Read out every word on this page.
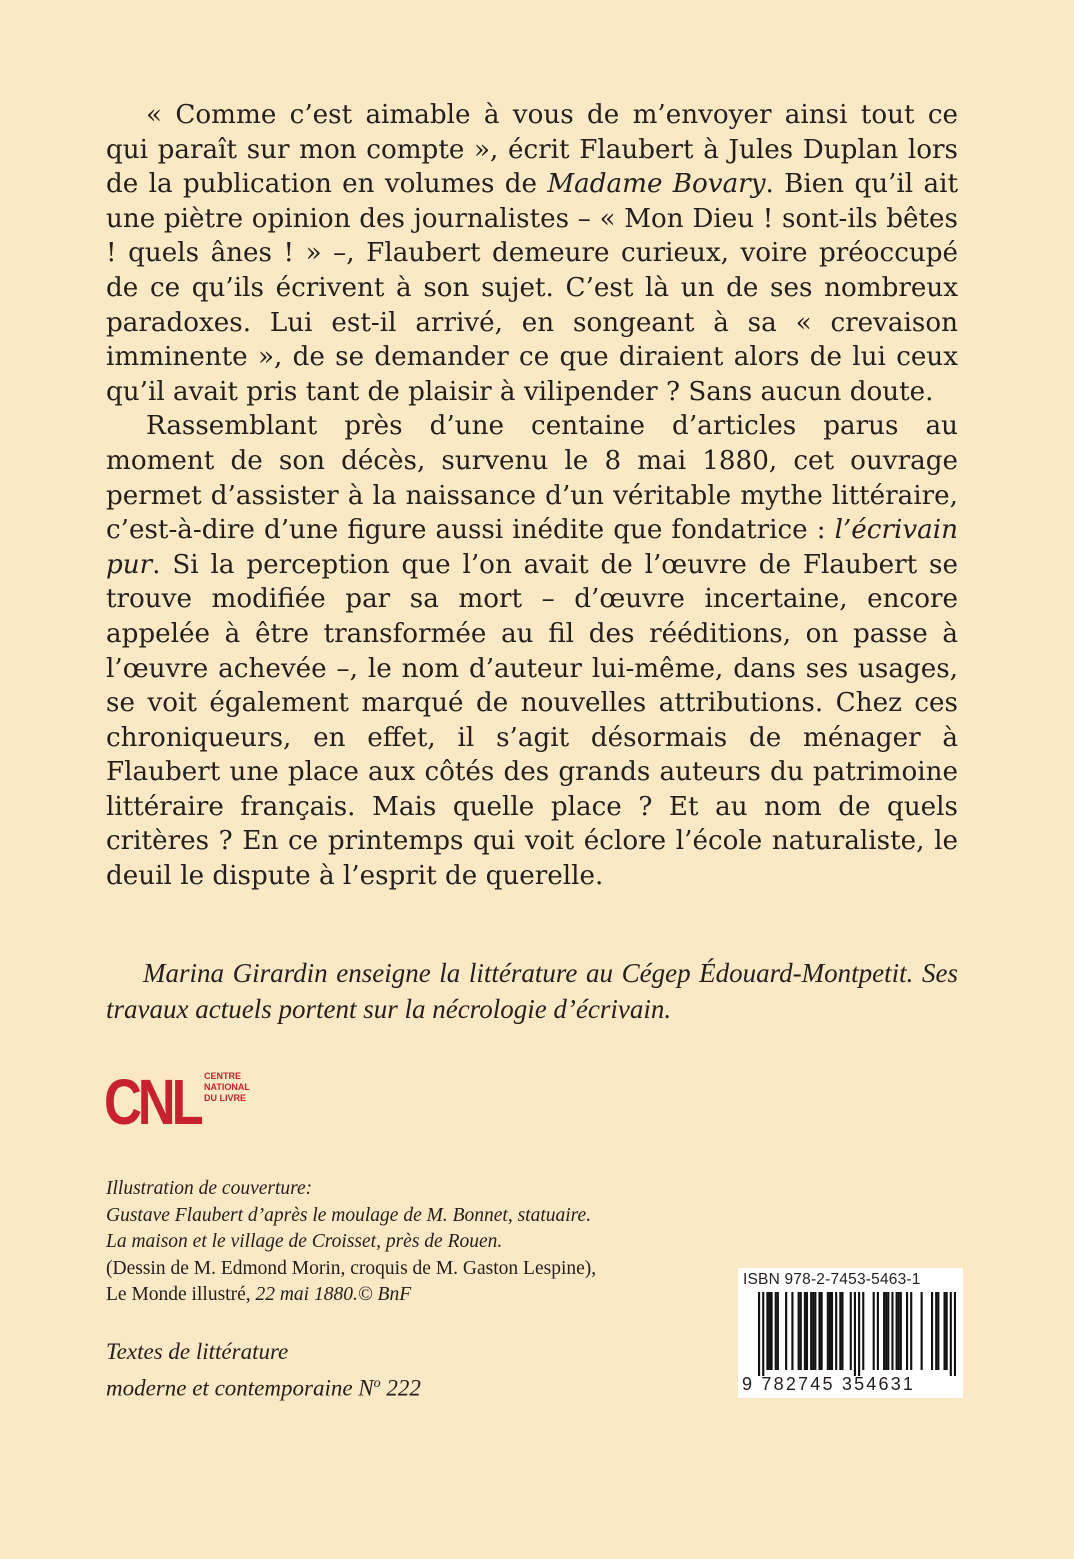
« Comme c’est aimable à vous de m’envoyer ainsi tout ce qui paraît sur mon compte », écrit Flaubert à Jules Duplan lors de la publication en volumes de Madame Bovary. Bien qu’il ait une piètre opinion des journalistes – « Mon Dieu ! sont-ils bêtes ! quels ânes ! » –, Flaubert demeure curieux, voire préoccupé de ce qu’ils écrivent à son sujet. C’est là un de ses nombreux paradoxes. Lui est-il arrivé, en songeant à sa « crevaison imminente », de se demander ce que diraient alors de lui ceux qu’il avait pris tant de plaisir à vilipender ? Sans aucun doute.

Rassemblant près d’une centaine d’articles parus au moment de son décès, survenu le 8 mai 1880, cet ouvrage permet d’assister à la naissance d’un véritable mythe littéraire, c’est-à-dire d’une figure aussi inédite que fondatrice : l’écrivain pur. Si la perception que l’on avait de l’œuvre de Flaubert se trouve modifiée par sa mort – d’œuvre incertaine, encore appelée à être transformée au fil des rééditions, on passe à l’œuvre achevée –, le nom d’auteur lui-même, dans ses usages, se voit également marqué de nouvelles attributions. Chez ces chroniqueurs, en effet, il s’agit désormais de ménager à Flaubert une place aux côtés des grands auteurs du patrimoine littéraire français. Mais quelle place ? Et au nom de quels critères ? En ce printemps qui voit éclore l’école naturaliste, le deuil le dispute à l’esprit de querelle.

Marina Girardin enseigne la littérature au Cégep Édouard-Montpetit. Ses travaux actuels portent sur la nécrologie d’écrivain.

CNL CENTRE
NATIONAL
DU LIVRE
Illustration de couverture:
Gustave Flaubert d’après le moulage de M. Bonnet, statuaire.
La maison et le village de Croisset, près de Rouen.
(Dessin de M. Edmond Morin, croquis de M. Gaston Lespine),
Le Monde illustré, 22 mai 1880.© BnF
Textes de littérature
moderne et contemporaine $N^o$ 222
ISBN 978-2-7453-5463-1
9 782745 354631
